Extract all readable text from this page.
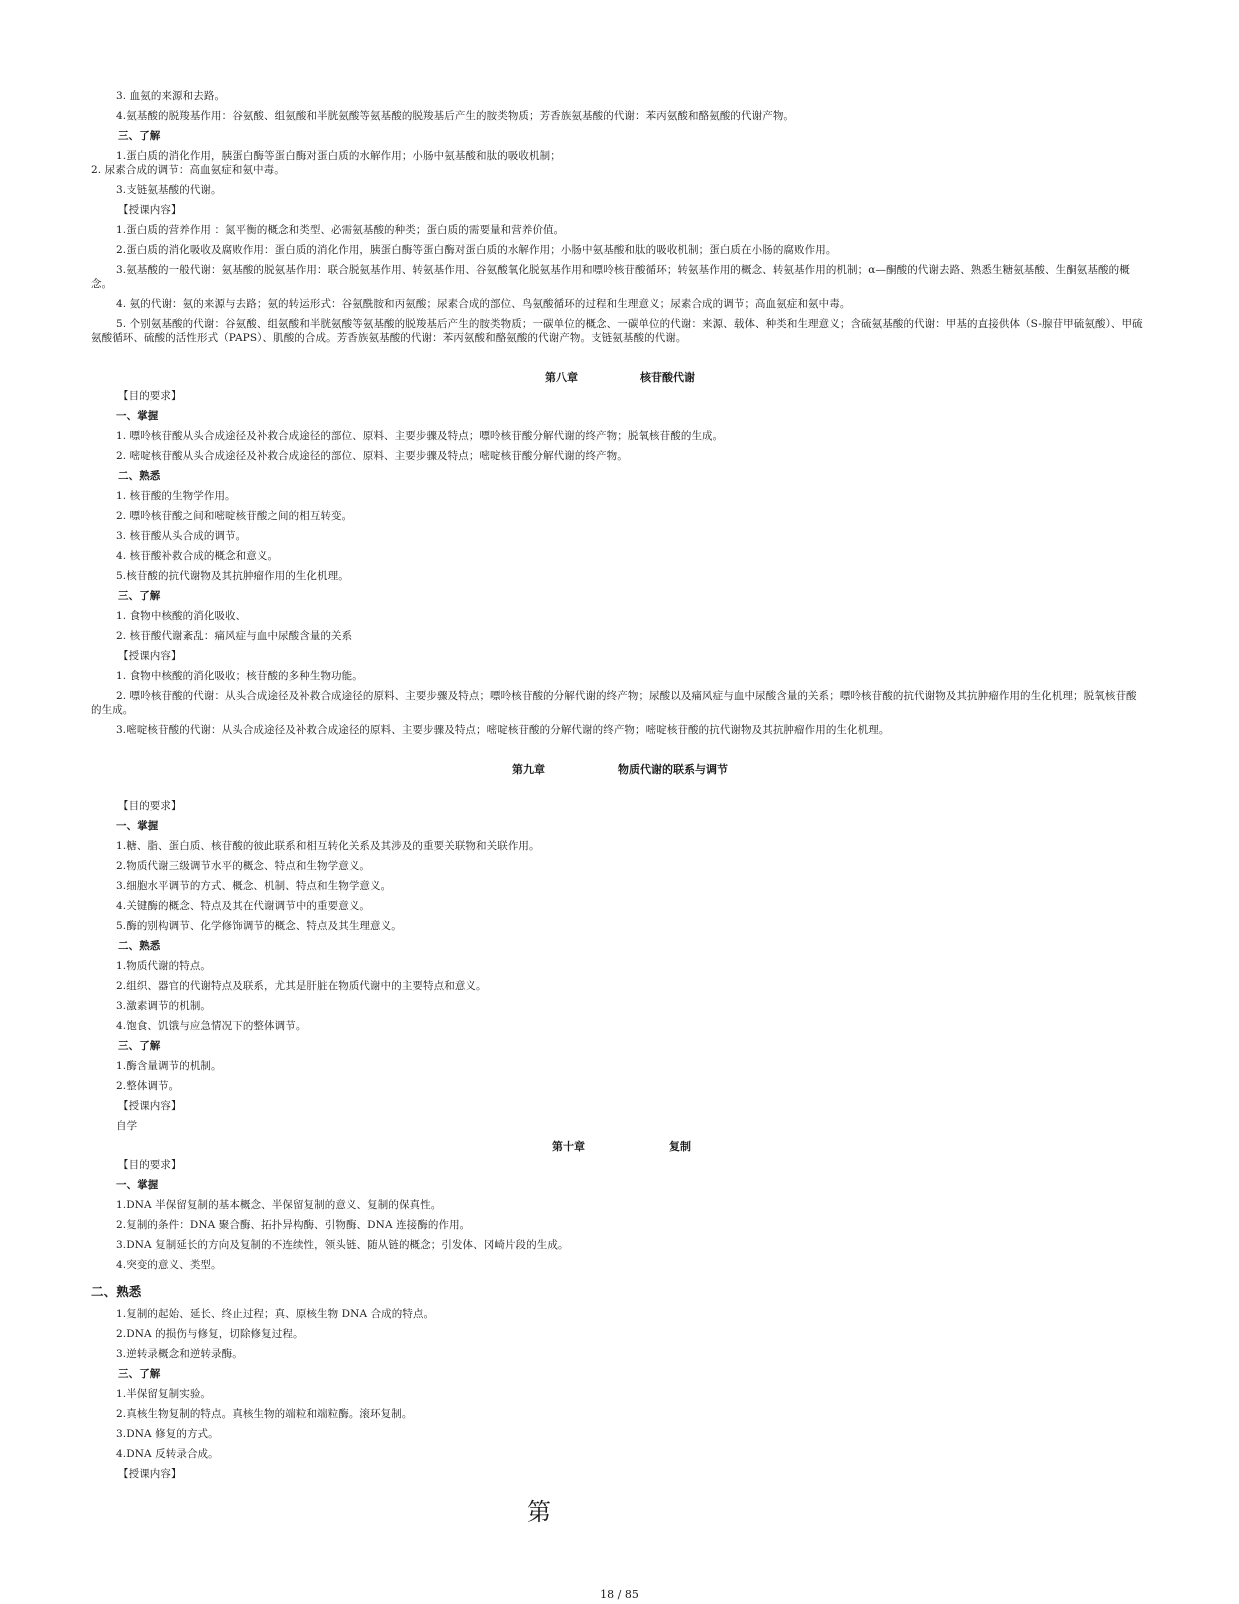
3. 血氨的来源和去路。
4.氨基酸的脱羧基作用：谷氨酸、组氨酸和半胱氨酸等氨基酸的脱羧基后产生的胺类物质；芳香族氨基酸的代谢：苯丙氨酸和酪氨酸的代谢产物。
三、了解
1.蛋白质的消化作用，胰蛋白酶等蛋白酶对蛋白质的水解作用；小肠中氨基酸和肽的吸收机制；
2. 尿素合成的调节：高血氨症和氨中毒。
3.支链氨基酸的代谢。
【授课内容】
1.蛋白质的营养作用 ：氮平衡的概念和类型、必需氨基酸的种类；蛋白质的需要量和营养价值。
2.蛋白质的消化吸收及腐败作用：蛋白质的消化作用，胰蛋白酶等蛋白酶对蛋白质的水解作用；小肠中氨基酸和肽的吸收机制；蛋白质在小肠的腐败作用。
3.氨基酸的一般代谢：氨基酸的脱氨基作用：联合脱氨基作用、转氨基作用、谷氨酸氧化脱氨基作用和嘌呤核苷酸循环；转氨基作用的概念、转氨基作用的机制；α—酮酸的代谢去路、熟悉生糖氨基酸、生酮氨基酸的概念。
4. 氨的代谢：氨的来源与去路；氨的转运形式：谷氨酰胺和丙氨酸；尿素合成的部位、鸟氨酸循环的过程和生理意义；尿素合成的调节；高血氨症和氨中毒。
5. 个别氨基酸的代谢：谷氨酸、组氨酸和半胱氨酸等氨基酸的脱羧基后产生的胺类物质；一碳单位的概念、一碳单位的代谢：来源、载体、种类和生理意义；含硫氨基酸的代谢：甲基的直接供体（S-腺苷甲硫氨酸）、甲硫氨酸循环、硫酸的活性形式（PAPS）、肌酸的合成。芳香族氨基酸的代谢：苯丙氨酸和酪氨酸的代谢产物。支链氨基酸的代谢。
第八章	核苷酸代谢
【目的要求】
一、掌握
1. 嘌呤核苷酸从头合成途径及补救合成途径的部位、原料、主要步骤及特点；嘌呤核苷酸分解代谢的终产物；脱氧核苷酸的生成。
2. 嘧啶核苷酸从头合成途径及补救合成途径的部位、原料、主要步骤及特点；嘧啶核苷酸分解代谢的终产物。
二、熟悉
1. 核苷酸的生物学作用。
2. 嘌呤核苷酸之间和嘧啶核苷酸之间的相互转变。
3. 核苷酸从头合成的调节。
4. 核苷酸补救合成的概念和意义。
5.核苷酸的抗代谢物及其抗肿瘤作用的生化机理。
三、了解
1. 食物中核酸的消化吸收、
2. 核苷酸代谢紊乱：痛风症与血中尿酸含量的关系
【授课内容】
1. 食物中核酸的消化吸收；核苷酸的多种生物功能。
2. 嘌呤核苷酸的代谢：从头合成途径及补救合成途径的原料、主要步骤及特点；嘌呤核苷酸的分解代谢的终产物；尿酸以及痛风症与血中尿酸含量的关系；嘌呤核苷酸的抗代谢物及其抗肿瘤作用的生化机理；脱氧核苷酸的生成。
3.嘧啶核苷酸的代谢：从头合成途径及补救合成途径的原料、主要步骤及特点；嘧啶核苷酸的分解代谢的终产物；嘧啶核苷酸的抗代谢物及其抗肿瘤作用的生化机理。
第九章	物质代谢的联系与调节
【目的要求】
一、掌握
1.糖、脂、蛋白质、核苷酸的彼此联系和相互转化关系及其涉及的重要关联物和关联作用。
2.物质代谢三级调节水平的概念、特点和生物学意义。
3.细胞水平调节的方式、概念、机制、特点和生物学意义。
4.关键酶的概念、特点及其在代谢调节中的重要意义。
5.酶的别构调节、化学修饰调节的概念、特点及其生理意义。
二、熟悉
1.物质代谢的特点。
2.组织、器官的代谢特点及联系，尤其是肝脏在物质代谢中的主要特点和意义。
3.激素调节的机制。
4.饱食、饥饿与应急情况下的整体调节。
三、了解
1.酶含量调节的机制。
2.整体调节。
【授课内容】
自学
第十章	复制
【目的要求】
一、掌握
1.DNA 半保留复制的基本概念、半保留复制的意义、复制的保真性。
2.复制的条件：DNA 聚合酶、拓扑异构酶、引物酶、DNA 连接酶的作用。
3.DNA 复制延长的方向及复制的不连续性，领头链、随从链的概念；引发体、冈崎片段的生成。
4.突变的意义、类型。
二、熟悉
1.复制的起始、延长、终止过程；真、原核生物 DNA 合成的特点。
2.DNA 的损伤与修复，切除修复过程。
3.逆转录概念和逆转录酶。
三、了解
1.半保留复制实验。
2.真核生物复制的特点。真核生物的端粒和端粒酶。滚环复制。
3.DNA 修复的方式。
4.DNA 反转录合成。
【授课内容】
第
18 / 85
